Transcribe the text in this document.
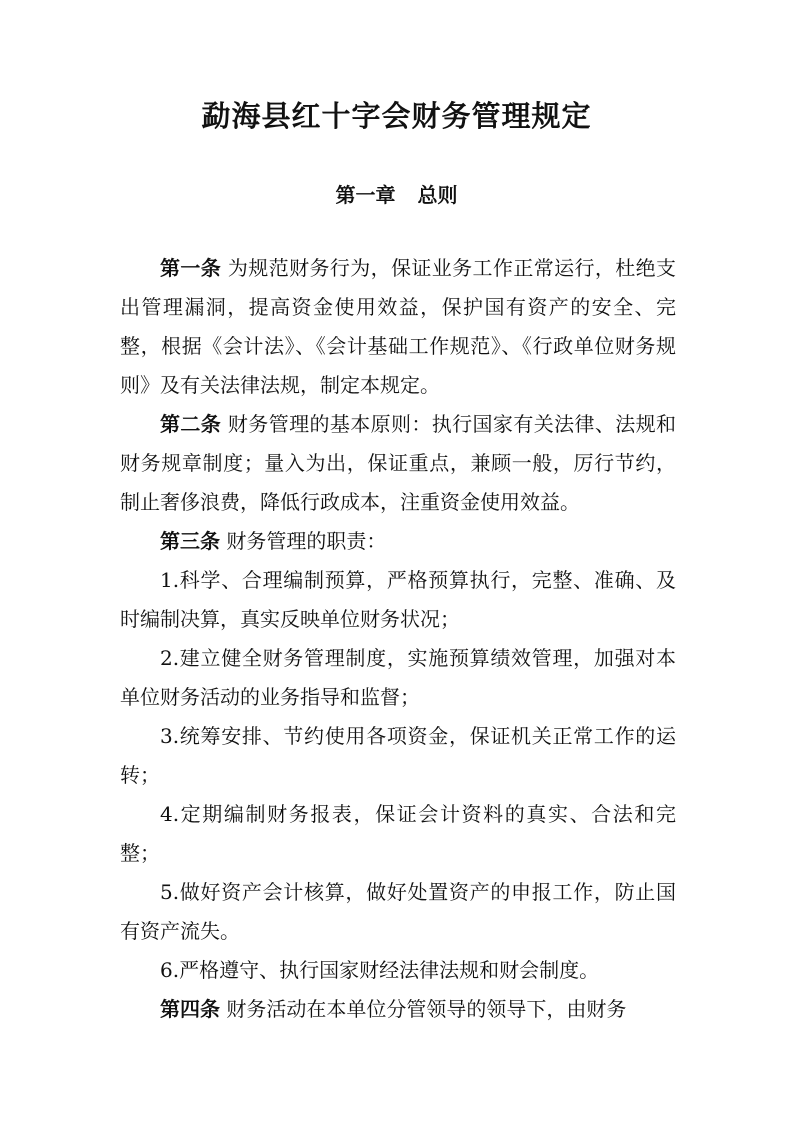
勐海县红十字会财务管理规定
第一章 总则

第一条 为规范财务行为，保证业务工作正常运行，杜绝支出管理漏洞，提高资金使用效益，保护国有资产的安全、完整，根据《会计法》、《会计基础工作规范》、《行政单位财务规则》及有关法律法规，制定本规定。

第二条 财务管理的基本原则：执行国家有关法律、法规和财务规章制度；量入为出，保证重点，兼顾一般，厉行节约，制止奢侈浪费，降低行政成本，注重资金使用效益。

第三条 财务管理的职责：

1.科学、合理编制预算，严格预算执行，完整、准确、及时编制决算，真实反映单位财务状况；

2.建立健全财务管理制度，实施预算绩效管理，加强对本单位财务活动的业务指导和监督；

3.统筹安排、节约使用各项资金，保证机关正常工作的运转；

4.定期编制财务报表，保证会计资料的真实、合法和完整；

5.做好资产会计核算，做好处置资产的申报工作，防止国有资产流失。

6.严格遵守、执行国家财经法律法规和财会制度。

第四条 财务活动在本单位分管领导的领导下，由财务
